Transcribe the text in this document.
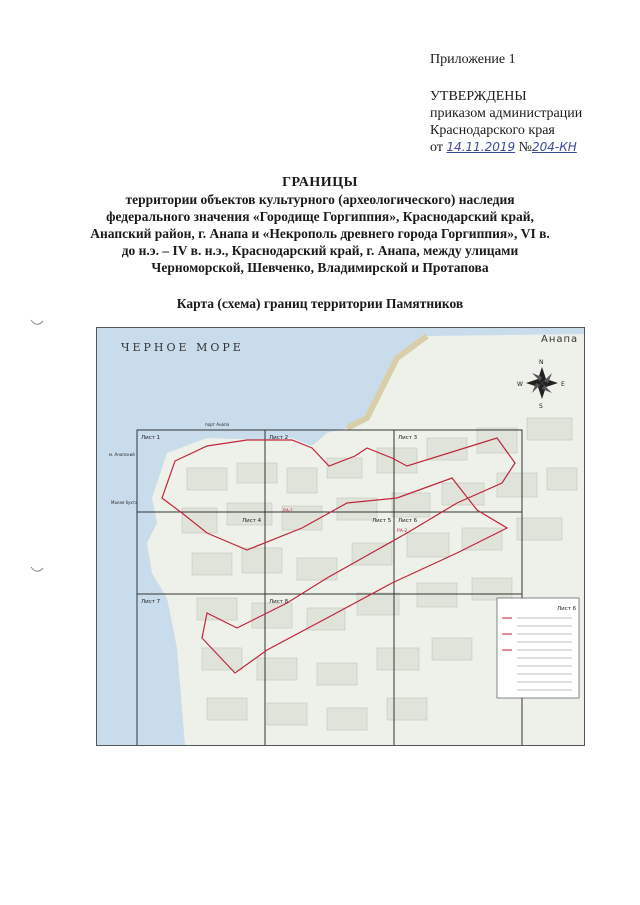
Приложение 1
УТВЕРЖДЕНЫ
приказом администрации
Краснодарского края
от 14.11.2019 №204-КН
ГРАНИЦЫ
территории объектов культурного (археологического) наследия федерального значения «Городище Горгиппия», Краснодарский край, Анапский район, г. Анапа и «Некрополь древнего города Горгиппия», VI в. до н.э. – IV в. н.э., Краснодарский край, г. Анапа, между улицами Черноморской, Шевченко, Владимирской и Протапова
Карта (схема) границ территории Памятников
N
S
E
W
ЧЕРНОЕ МОРЕ
Анапа
Лист 1	Лист 2	Лист 3
Лист 4	Лист 5 Лист 6
Лист 7	Лист 8
Лист 6
РА-1
РА-2
порт Анапа
м. Анапский
Малая бухта
